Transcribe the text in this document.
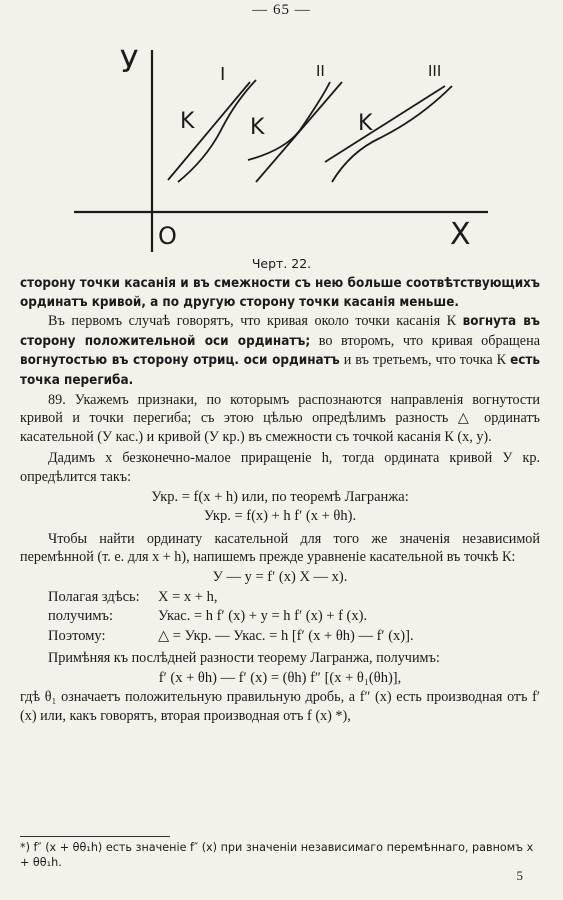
— 65 —
У
X
O
I
K
II
K
III
K
Черт. 22.

сторону точки касанія и въ смежности съ нею больше соотвѣтствующихъ ординатъ кривой, а по другую сторону точки касанія меньше.

Въ первомъ случаѣ говорятъ, что кривая около точки касанія К вогнута въ сторону положительной оси ординатъ; во второмъ, что кривая обращена вогнутостью въ сторону отриц. оси ординатъ и въ третьемъ, что точка К есть точка перегиба.

89. Укажемъ признаки, по которымъ распознаются направленія вогнутости кривой и точки перегиба; съ этою цѣлью опредѣлимъ разность △ ординатъ касательной (У кас.) и кривой (У кр.) въ смежности съ точкой касанія К (x, y).

Дадимъ x безконечно-малое приращеніе h, тогда ордината кривой У кр. опредѣлится такъ:

Укр. = f(x + h) или, по теоремѣ Лагранжа:

Укр. = f(x) + h f′ (x + θh).

Чтобы найти ординату касательной для того же значенія независимой перемѣнной (т. е. для x + h), напишемъ прежде уравненіе касательной въ точкѣ К:

У — y = f′ (x) X — x).

Полагая здѣсь:	X = x + h,
получимъ:	Укас. = h f′ (x) + y = h f′ (x) + f (x).
Поэтому:	△ = Укр. — Укас. = h [f′ (x + θh) — f′ (x)].

Примѣняя къ послѣдней разности теорему Лагранжа, получимъ:

f′ (x + θh) — f′ (x) = (θh) f″ [(x + θ₁(θh)],

гдѣ θ₁ означаетъ положительную правильную дробь, а f″ (x) есть производная отъ f′(x) или, какъ говорятъ, вторая производная отъ f (x) *),

*) f″ (x + θθ₁h) есть значеніе f″ (x) при значеніи независимаго перемѣннаго, равномъ x + θθ₁h.
5
